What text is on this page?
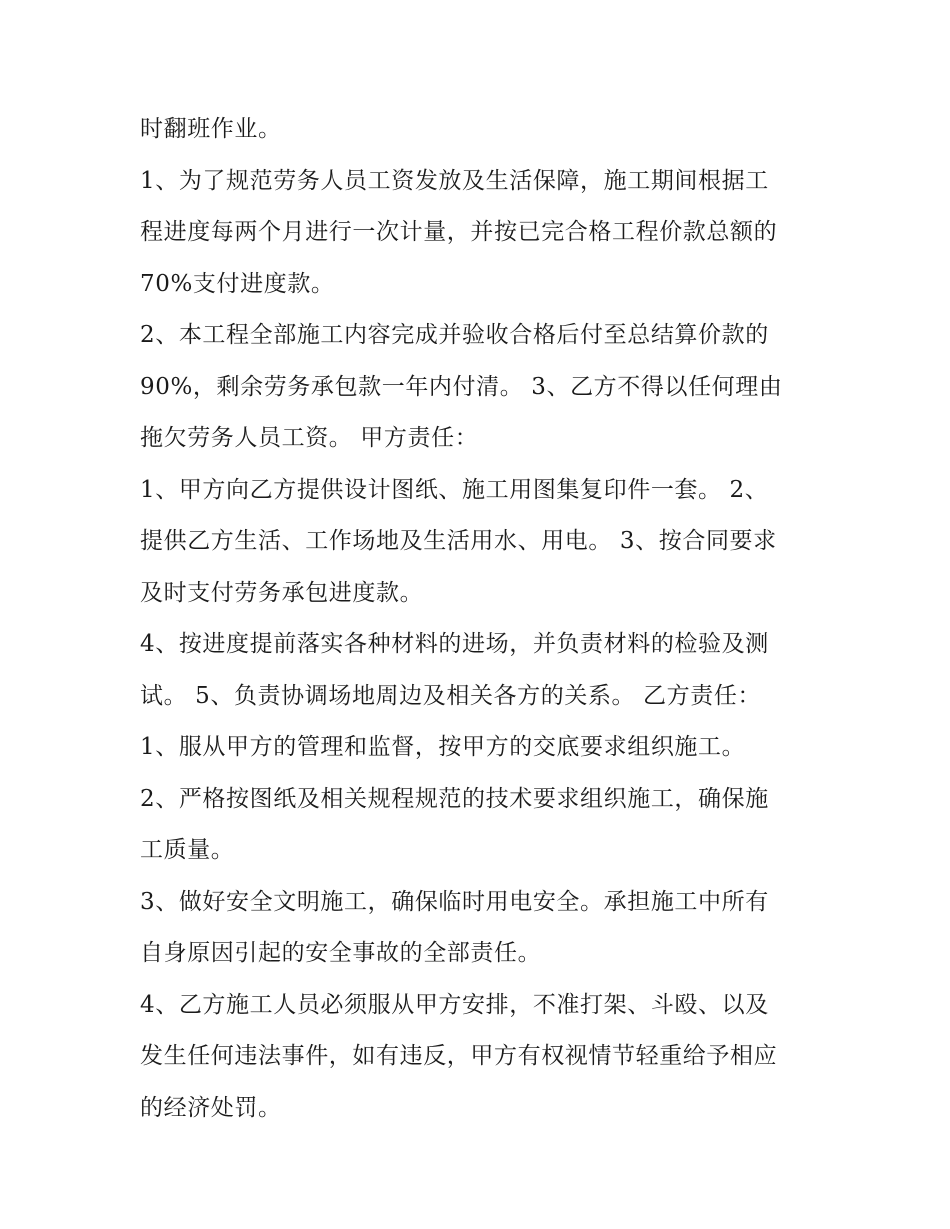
时翻班作业。
1、为了规范劳务人员工资发放及生活保障，施工期间根据工
程进度每两个月进行一次计量，并按已完合格工程价款总额的
70%支付进度款。
2、本工程全部施工内容完成并验收合格后付至总结算价款的
90%，剩余劳务承包款一年内付清。 3、乙方不得以任何理由
拖欠劳务人员工资。 甲方责任：
1、甲方向乙方提供设计图纸、施工用图集复印件一套。 2、
提供乙方生活、工作场地及生活用水、用电。 3、按合同要求
及时支付劳务承包进度款。
4、按进度提前落实各种材料的进场，并负责材料的检验及测
试。 5、负责协调场地周边及相关各方的关系。 乙方责任：
1、服从甲方的管理和监督，按甲方的交底要求组织施工。
2、严格按图纸及相关规程规范的技术要求组织施工，确保施
工质量。
3、做好安全文明施工，确保临时用电安全。承担施工中所有
自身原因引起的安全事故的全部责任。
4、乙方施工人员必须服从甲方安排，不准打架、斗殴、以及
发生任何违法事件，如有违反，甲方有权视情节轻重给予相应
的经济处罚。
